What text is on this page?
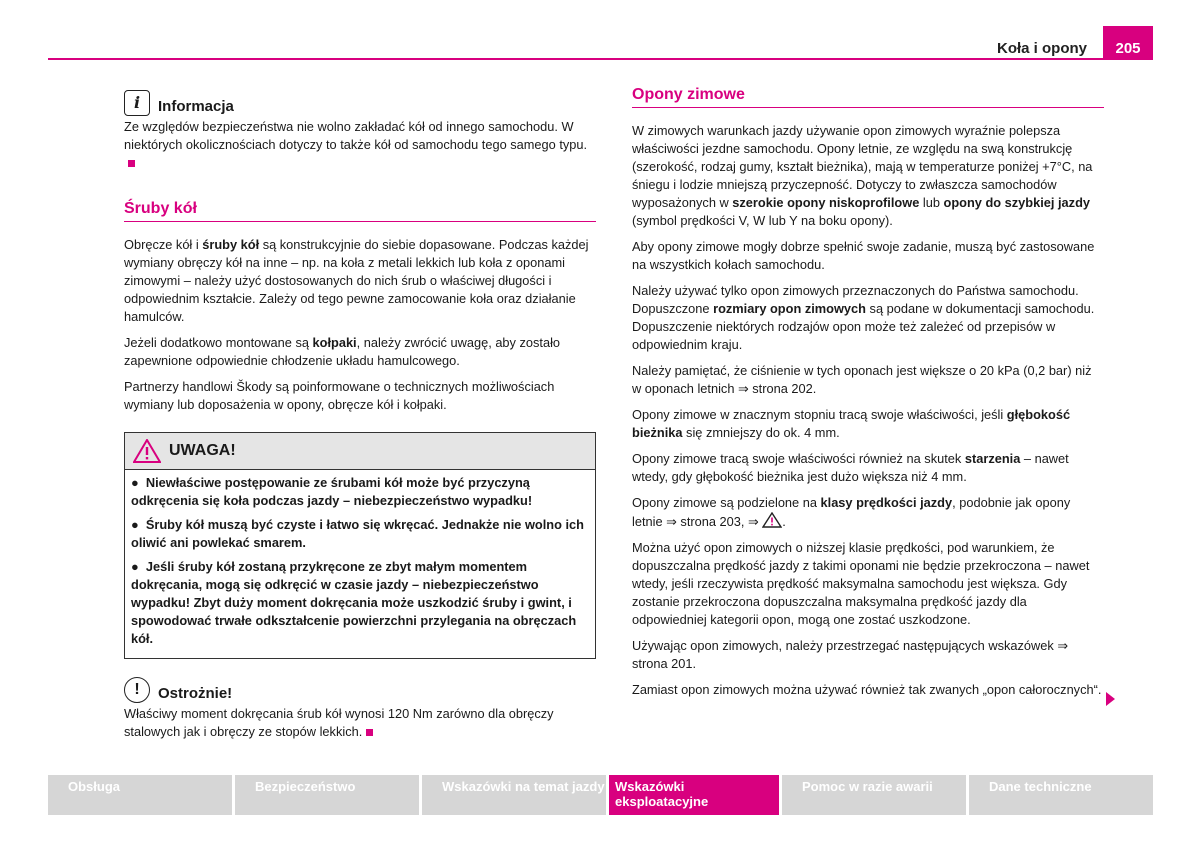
Koła i opony	205
i	Informacja

Ze względów bezpieczeństwa nie wolno zakładać kół od innego samochodu. W niektórych okolicznościach dotyczy to także kół od samochodu tego samego typu.

Śruby kół

Obręcze kół i śruby kół są konstrukcyjnie do siebie dopasowane. Podczas każdej wymiany obręczy kół na inne – np. na koła z metali lekkich lub koła z oponami zimowymi – należy użyć dostosowanych do nich śrub o właściwej długości i odpowiednim kształcie. Zależy od tego pewne zamocowanie koła oraz działanie hamulców.

Jeżeli dodatkowo montowane są kołpaki, należy zwrócić uwagę, aby zostało zapewnione odpowiednie chłodzenie układu hamulcowego.

Partnerzy handlowi Škody są poinformowane o technicznych możliwościach wymiany lub doposażenia w opony, obręcze kół i kołpaki.

UWAGA!

●  Niewłaściwe postępowanie ze śrubami kół może być przyczyną odkręcenia się koła podczas jazdy – niebezpieczeństwo wypadku!

●  Śruby kół muszą być czyste i łatwo się wkręcać. Jednakże nie wolno ich oliwić ani powlekać smarem.

●  Jeśli śruby kół zostaną przykręcone ze zbyt małym momentem dokręcania, mogą się odkręcić w czasie jazdy – niebezpieczeństwo wypadku! Zbyt duży moment dokręcania może uszkodzić śruby i gwint, i spowodować trwałe odkształcenie powierzchni przylegania na obręczach kół.

!	Ostrożnie!

Właściwy moment dokręcania śrub kół wynosi 120 Nm zarówno dla obręczy stalowych jak i obręczy ze stopów lekkich.

Opony zimowe

W zimowych warunkach jazdy używanie opon zimowych wyraźnie polepsza właściwości jezdne samochodu. Opony letnie, ze względu na swą konstrukcję (szerokość, rodzaj gumy, kształt bieżnika), mają w temperaturze poniżej +7°C, na śniegu i lodzie mniejszą przyczepność. Dotyczy to zwłaszcza samochodów wyposażonych w szerokie opony niskoprofilowe lub opony do szybkiej jazdy (symbol prędkości V, W lub Y na boku opony).

Aby opony zimowe mogły dobrze spełnić swoje zadanie, muszą być zastosowane na wszystkich kołach samochodu.

Należy używać tylko opon zimowych przeznaczonych do Państwa samochodu. Dopuszczone rozmiary opon zimowych są podane w dokumentacji samochodu. Dopuszczenie niektórych rodzajów opon może też zależeć od przepisów w odpowiednim kraju.

Należy pamiętać, że ciśnienie w tych oponach jest większe o 20 kPa (0,2 bar) niż w oponach letnich ⇒ strona 202.

Opony zimowe w znacznym stopniu tracą swoje właściwości, jeśli głębokość bieżnika się zmniejszy do ok. 4 mm.

Opony zimowe tracą swoje właściwości również na skutek starzenia – nawet wtedy, gdy głębokość bieżnika jest dużo większa niż 4 mm.

Opony zimowe są podzielone na klasy prędkości jazdy, podobnie jak opony letnie ⇒ strona 203, ⇒ .

Można użyć opon zimowych o niższej klasie prędkości, pod warunkiem, że dopuszczalna prędkość jazdy z takimi oponami nie będzie przekroczona – nawet wtedy, jeśli rzeczywista prędkość maksymalna samochodu jest większa. Gdy zostanie przekroczona dopuszczalna maksymalna prędkość jazdy dla odpowiedniej kategorii opon, mogą one zostać uszkodzone.

Używając opon zimowych, należy przestrzegać następujących wskazówek ⇒ strona 201.

Zamiast opon zimowych można używać również tak zwanych „opon całorocznych“.

Obsługa	Bezpieczeństwo	Wskazówki na temat jazdy Wskazówki eksploatacyjne
Pomoc w razie awarii	Dane techniczne
